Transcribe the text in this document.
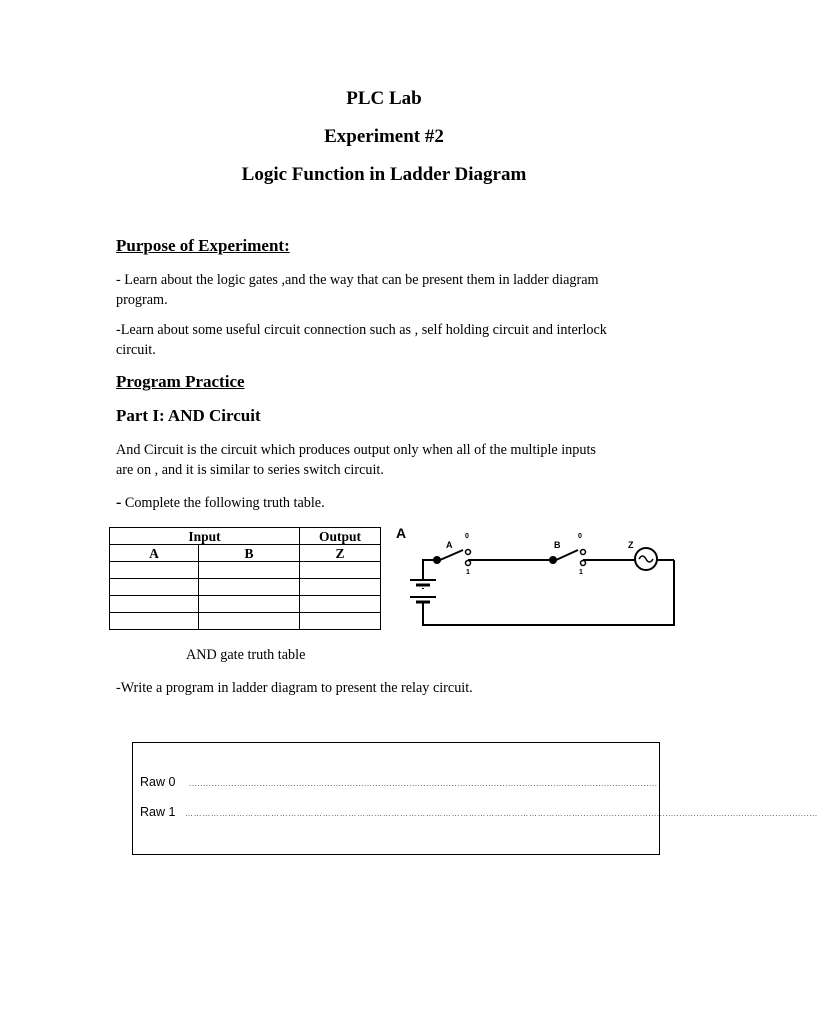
PLC Lab
Experiment #2
Logic Function in Ladder Diagram
Purpose of Experiment:
- Learn about the logic gates ,and the way that can be present them in ladder diagram
program.
-Learn about some useful circuit connection such as , self holding circuit and interlock
circuit.
Program Practice
Part I: AND Circuit
And Circuit is the circuit which produces output only when all of the multiple inputs
are on , and it is similar to series switch circuit.
- Complete the following truth table.
Input		Output
A	B	Z

A
A
0
1
B
0
1
Z
AND gate truth table
-Write a program in ladder diagram to present the relay circuit.
Raw 0 ......................................................................................................................................................................
Raw 1 …………………………………………………………………………………………………………………………....................................................................................
